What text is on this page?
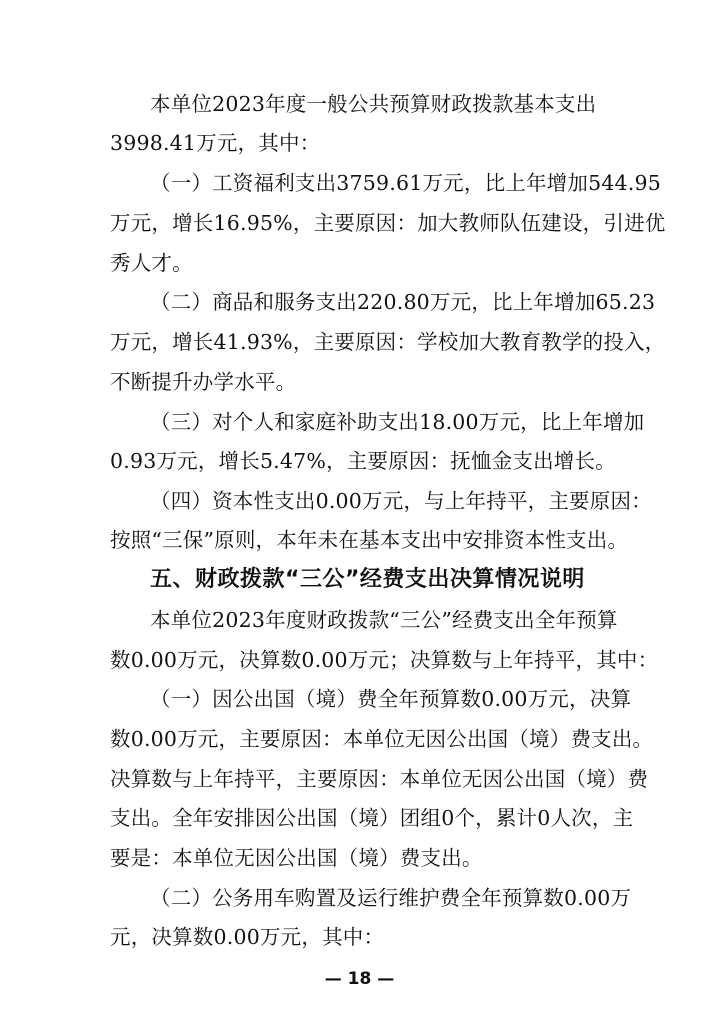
本单位2023年度一般公共预算财政拨款基本支出
3998.41万元，其中：
（一）工资福利支出3759.61万元，比上年增加544.95
万元，增长16.95%，主要原因：加大教师队伍建设，引进优
秀人才。
（二）商品和服务支出220.80万元，比上年增加65.23
万元，增长41.93%，主要原因：学校加大教育教学的投入，
不断提升办学水平。
（三）对个人和家庭补助支出18.00万元，比上年增加
0.93万元，增长5.47%，主要原因：抚恤金支出增长。
（四）资本性支出0.00万元，与上年持平，主要原因：
按照“三保”原则，本年未在基本支出中安排资本性支出。
五、财政拨款“三公”经费支出决算情况说明
本单位2023年度财政拨款“三公”经费支出全年预算
数0.00万元，决算数0.00万元；决算数与上年持平，其中：
（一）因公出国（境）费全年预算数0.00万元，决算
数0.00万元，主要原因：本单位无因公出国（境）费支出。
决算数与上年持平，主要原因：本单位无因公出国（境）费
支出。全年安排因公出国（境）团组0个，累计0人次，主
要是：本单位无因公出国（境）费支出。
（二）公务用车购置及运行维护费全年预算数0.00万
元，决算数0.00万元，其中：
— 18 —
